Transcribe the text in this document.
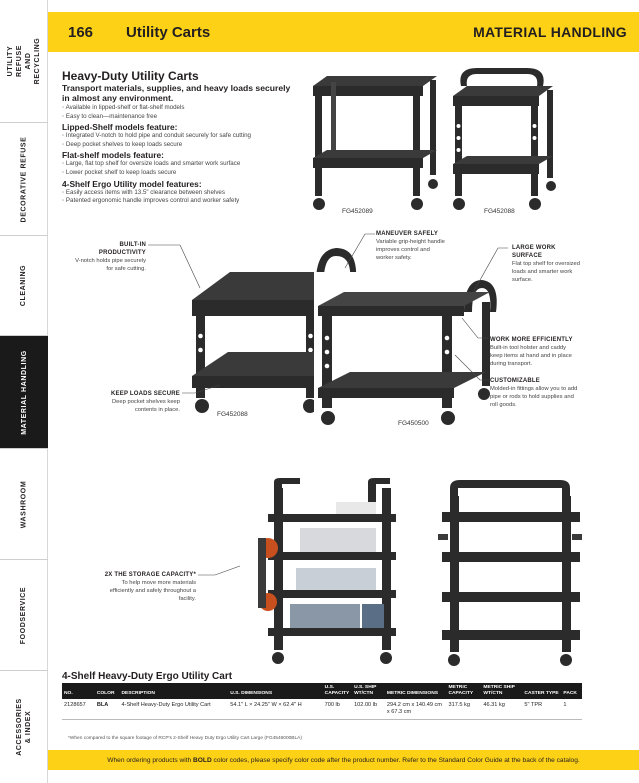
UTILITY REFUSE AND RECYCLING
DECORATIVE REFUSE
CLEANING
MATERIAL HANDLING
WASHROOM
FOODSERVICE
ACCESSORIES & INDEX
166 Utility Carts	MATERIAL HANDLING
Heavy-Duty Utility Carts
Transport materials, supplies, and heavy loads securely in almost any environment.
◦ Available in lipped-shelf or flat-shelf models
◦ Easy to clean—maintenance free
Lipped-Shelf models feature:
◦ Integrated V-notch to hold pipe and conduit securely for safe cutting
◦ Deep pocket shelves to keep loads secure
Flat-shelf models feature:
◦ Large, flat top shelf for oversize loads and smarter work surface
◦ Lower pocket shelf to keep loads secure
4-Shelf Ergo Utility model features:
◦ Easily access items with 13.5" clearance between shelves
◦ Patented ergonomic handle improves control and worker safety
FG452089	FG452088
FG452088
FG450500
BUILT-IN PRODUCTIVITY
V-notch holds pipe securely for safe cutting.
MANEUVER SAFELY
Variable grip-height handle improves control and worker safety.
LARGE WORK SURFACE
Flat top shelf for oversized loads and smarter work surface.
WORK MORE EFFICIENTLY
Built-in tool holster and caddy keep items at hand and in place during transport.
CUSTOMIZABLE
Molded-in fittings allow you to add pipe or rods to hold supplies and roll goods.
KEEP LOADS SECURE
Deep pocket shelves keep contents in place.
2X THE STORAGE CAPACITY*
To help move more materials efficiently and safely throughout a facility.
4-Shelf Heavy-Duty Ergo Utility Cart
NO.	COLOR	DESCRIPTION	U.S. DIMENSIONS	U.S. CAPACITY	U.S. SHIP WT/CTN	METRIC DIMENSIONS	METRIC CAPACITY	METRIC SHIP WT/CTN	CASTER TYPE	PACK
2128657	BLA	4-Shelf Heavy-Duty Ergo Utility Cart	54.1" L × 24.25" W × 62.4" H	700 lb	102.00 lb	294.2 cm x 140.49 cm x 67.3 cm	317.5 kg	46.31 kg	5" TPR	1
*When compared to the square footage of RCP's 2-Shelf Heavy Duty Ergo Utility Cart Large (FG4546000BLA)
When ordering products with BOLD color codes, please specify color code after the product number. Refer to the Standard Color Guide at the back of the catalog.
